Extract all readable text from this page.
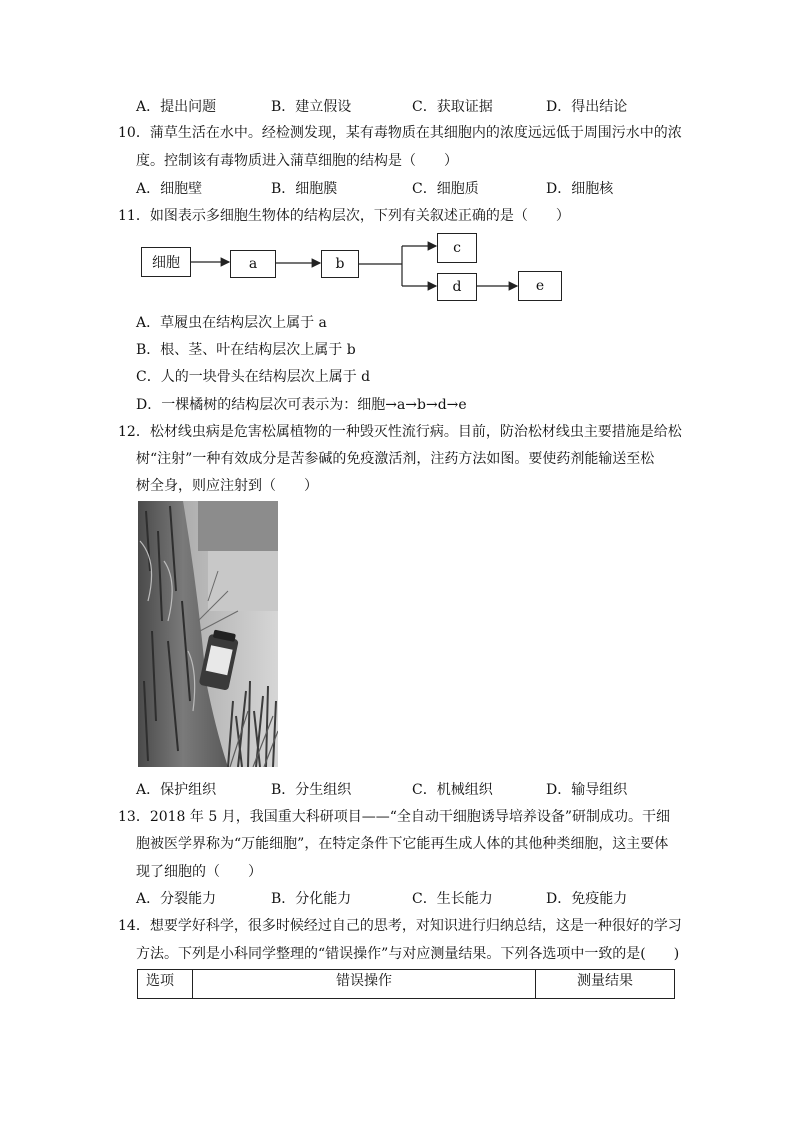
A．提出问题	B．建立假设	C．获取证据	D．得出结论
10．蒲草生活在水中。经检测发现，某有毒物质在其细胞内的浓度远远低于周围污水中的浓
度。控制该有毒物质进入蒲草细胞的结构是（　　）
A．细胞壁	B．细胞膜	C．细胞质	D．细胞核
11．如图表示多细胞生物体的结构层次，下列有关叙述正确的是（　　）
细胞	a	b
c
d	e
A．草履虫在结构层次上属于 a
B．根、茎、叶在结构层次上属于 b
C．人的一块骨头在结构层次上属于 d
D．一棵橘树的结构层次可表示为：细胞→a→b→d→e
12．松材线虫病是危害松属植物的一种毁灭性流行病。目前，防治松材线虫主要措施是给松
树“注射”一种有效成分是苦参碱的免疫激活剂，注药方法如图。要使药剂能输送至松
树全身，则应注射到（　　）
A．保护组织	B．分生组织	C．机械组织	D．输导组织
13．2018 年 5 月，我国重大科研项目——“全自动干细胞诱导培养设备”研制成功。干细
胞被医学界称为“万能细胞”，在特定条件下它能再生成人体的其他种类细胞，这主要体
现了细胞的（　　）
A．分裂能力	B．分化能力	C．生长能力	D．免疫能力
14．想要学好科学，很多时候经过自己的思考，对知识进行归纳总结，这是一种很好的学习
方法。下列是小科同学整理的“错误操作”与对应测量结果。下列各选项中一致的是(　　)
选项	错误操作	测量结果
